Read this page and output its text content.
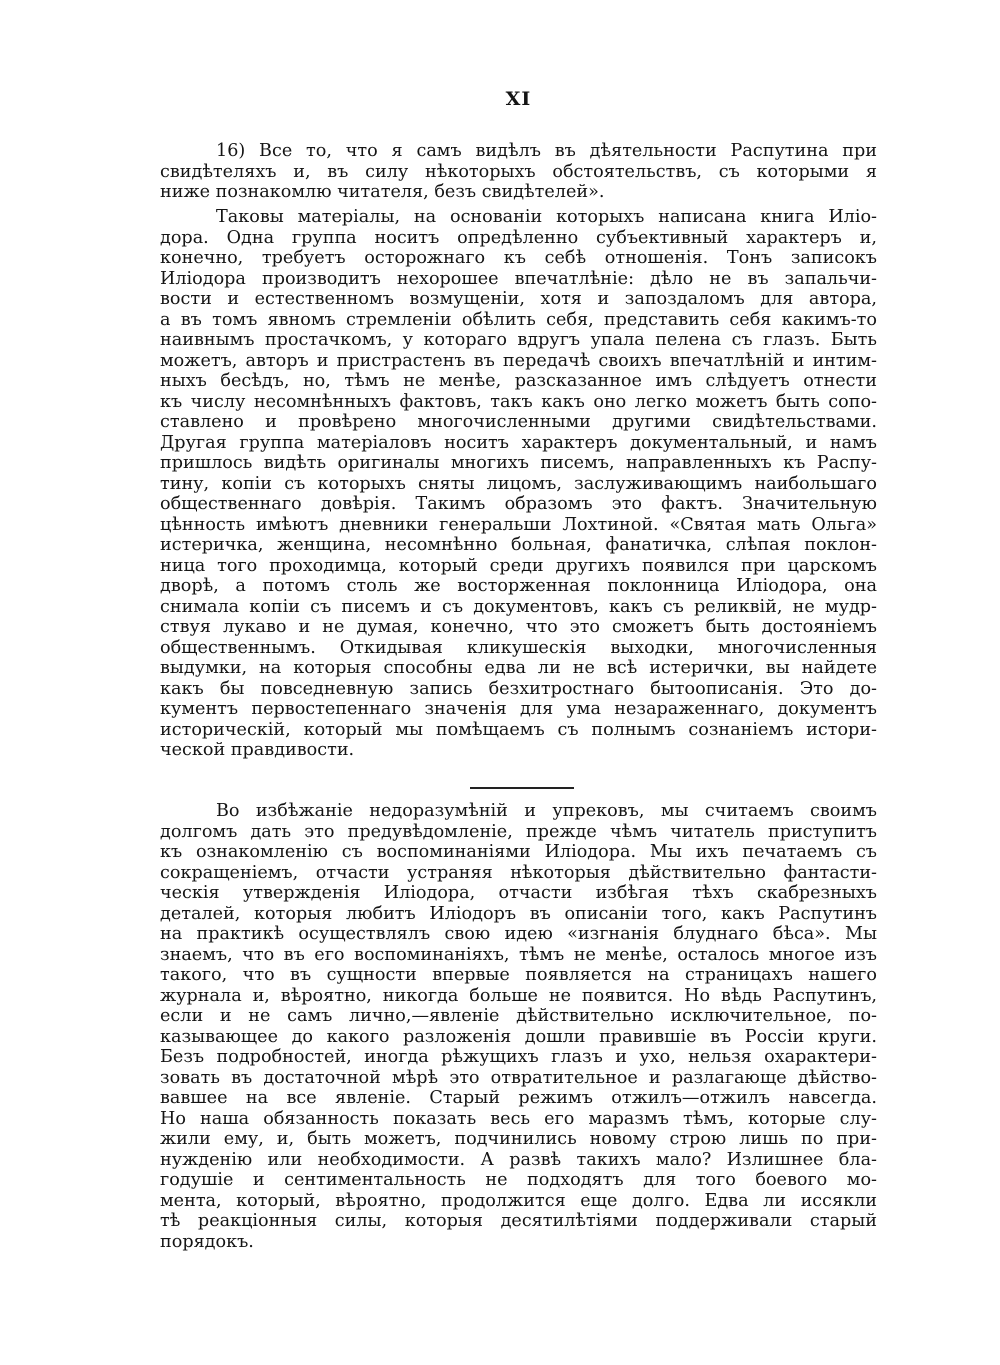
XI
16) Все то, что я самъ видѣлъ въ дѣятельности Распутина при
свидѣтеляхъ и, въ силу нѣкоторыхъ обстоятельствъ, съ которыми я
ниже познакомлю читателя, безъ свидѣтелей».
Таковы матеріалы, на основаніи которыхъ написана книга Иліо-
дора. Одна группа носитъ опредѣленно субъективный характеръ и,
конечно, требуетъ осторожнаго къ себѣ отношенія. Тонъ записокъ
Иліодора производитъ нехорошее впечатлѣніе: дѣло не въ запальчи-
вости и естественномъ возмущеніи, хотя и запоздаломъ для автора,
а въ томъ явномъ стремленіи обѣлить себя, представить себя какимъ-то
наивнымъ простачкомъ, у котораго вдругъ упала пелена съ глазъ. Быть
можетъ, авторъ и пристрастенъ въ передачѣ своихъ впечатлѣній и интим-
ныхъ бесѣдъ, но, тѣмъ не менѣе, разсказанное имъ слѣдуетъ отнести
къ числу несомнѣнныхъ фактовъ, такъ какъ оно легко можетъ быть сопо-
ставлено и провѣрено многочисленными другими свидѣтельствами.
Другая группа матеріаловъ носитъ характеръ документальный, и намъ
пришлось видѣть оригиналы многихъ писемъ, направленныхъ къ Распу-
тину, копіи съ которыхъ сняты лицомъ, заслуживающимъ наибольшаго
общественнаго довѣрія. Такимъ образомъ это фактъ. Значительную
цѣнность имѣютъ дневники генеральши Лохтиной. «Святая мать Ольга»
истеричка, женщина, несомнѣнно больная, фанатичка, слѣпая поклон-
ница того проходимца, который среди другихъ появился при царскомъ
дворѣ, а потомъ столь же восторженная поклонница Иліодора, она
снимала копіи съ писемъ и съ документовъ, какъ съ реликвій, не мудр-
ствуя лукаво и не думая, конечно, что это сможетъ быть достояніемъ
общественнымъ. Откидывая кликушескія выходки, многочисленныя
выдумки, на которыя способны едва ли не всѣ истерички, вы найдете
какъ бы повседневную запись безхитростнаго бытоописанія. Это до-
кументъ первостепеннаго значенія для ума незараженнаго, документъ
историческій, который мы помѣщаемъ съ полнымъ сознаніемъ истори-
ческой правдивости.
Во избѣжаніе недоразумѣній и упрековъ, мы считаемъ своимъ
долгомъ дать это предувѣдомленіе, прежде чѣмъ читатель приступитъ
къ ознакомленію съ воспоминаніями Иліодора. Мы ихъ печатаемъ съ
сокращеніемъ, отчасти устраняя нѣкоторыя дѣйствительно фантасти-
ческія утвержденія Иліодора, отчасти избѣгая тѣхъ скабрезныхъ
деталей, которыя любитъ Иліодоръ въ описаніи того, какъ Распутинъ
на практикѣ осуществлялъ свою идею «изгнанія блуднаго бѣса». Мы
знаемъ, что въ его воспоминаніяхъ, тѣмъ не менѣе, осталось многое изъ
такого, что въ сущности впервые появляется на страницахъ нашего
журнала и, вѣроятно, никогда больше не появится. Но вѣдь Распутинъ,
если и не самъ лично,—явленіе дѣйствительно исключительное, по-
казывающее до какого разложенія дошли правившіе въ Россіи круги.
Безъ подробностей, иногда рѣжущихъ глазъ и ухо, нельзя охарактери-
зовать въ достаточной мѣрѣ это отвратительное и разлагающе дѣйство-
вавшее на все явленіе. Старый режимъ отжилъ—отжилъ навсегда.
Но наша обязанность показать весь его маразмъ тѣмъ, которые слу-
жили ему, и, быть можетъ, подчинились новому строю лишь по при-
нужденію или необходимости. А развѣ такихъ мало? Излишнее бла-
годушіе и сентиментальность не подходятъ для того боевого мо-
мента, который, вѣроятно, продолжится еще долго. Едва ли иссякли
тѣ реакціонныя силы, которыя десятилѣтіями поддерживали старый
порядокъ.
